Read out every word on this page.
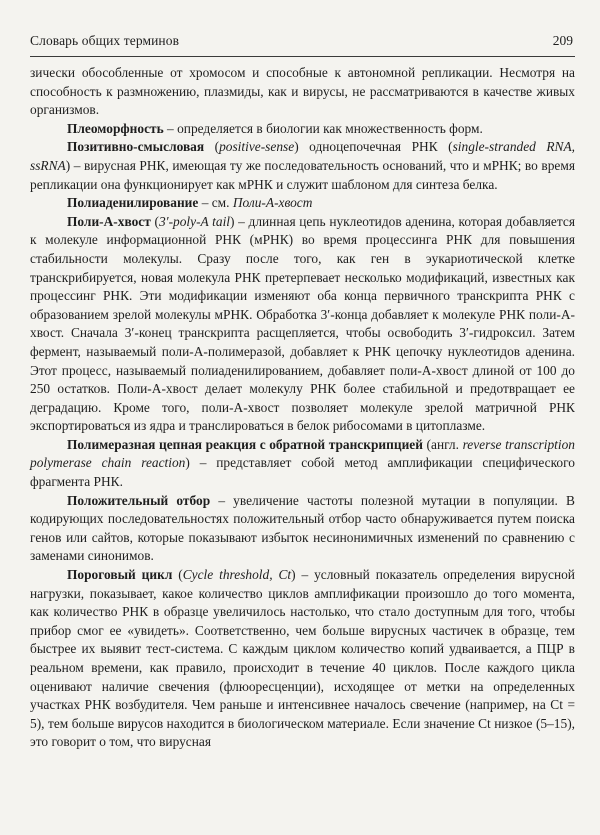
Словарь общих терминов	209

зически обособленные от хромосом и способные к автономной репликации. Несмотря на способность к размножению, плазмиды, как и вирусы, не рассматриваются в качестве живых организмов.

Плеоморфность – определяется в биологии как множественность форм.

Позитивно-смысловая (positive-sense) одноцепочечная РНК (single-stranded RNA, ssRNA) – вирусная РНК, имеющая ту же последовательность оснований, что и мРНК; во время репликации она функционирует как мРНК и служит шаблоном для синтеза белка.

Полиаденилирование – см. Поли-А-хвост

Поли-А-хвост (3′-poly-A tail) – длинная цепь нуклеотидов аденина, которая добавляется к молекуле информационной РНК (мРНК) во время процессинга РНК для повышения стабильности молекулы. Сразу после того, как ген в эукариотической клетке транскрибируется, новая молекула РНК претерпевает несколько модификаций, известных как процессинг РНК. Эти модификации изменяют оба конца первичного транскрипта РНК с образованием зрелой молекулы мРНК. Обработка 3′-конца добавляет к молекуле РНК поли-А-хвост. Сначала 3′-конец транскрипта расщепляется, чтобы освободить 3′-гидроксил. Затем фермент, называемый поли-А-полимеразой, добавляет к РНК цепочку нуклеотидов аденина. Этот процесс, называемый полиаденилированием, добавляет поли-А-хвост длиной от 100 до 250 остатков. Поли-А-хвост делает молекулу РНК более стабильной и предотвращает ее деградацию. Кроме того, поли-А-хвост позволяет молекуле зрелой матричной РНК экспортироваться из ядра и транслироваться в белок рибосомами в цитоплазме.

Полимеразная цепная реакция с обратной транскрипцией (англ. reverse transcription polymerase chain reaction) – представляет собой метод амплификации специфического фрагмента РНК.

Положительный отбор – увеличение частоты полезной мутации в популяции. В кодирующих последовательностях положительный отбор часто обнаруживается путем поиска генов или сайтов, которые показывают избыток несинонимичных изменений по сравнению с заменами синонимов.

Пороговый цикл (Cycle threshold, Ct) – условный показатель определения вирусной нагрузки, показывает, какое количество циклов амплификации произошло до того момента, как количество РНК в образце увеличилось настолько, что стало доступным для того, чтобы прибор смог ее «увидеть». Соответственно, чем больше вирусных частичек в образце, тем быстрее их выявит тест-система. С каждым циклом количество копий удваивается, а ПЦР в реальном времени, как правило, происходит в течение 40 циклов. После каждого цикла оценивают наличие свечения (флюоресценции), исходящее от метки на определенных участках РНК возбудителя. Чем раньше и интенсивнее началось свечение (например, на Ct = 5), тем больше вирусов находится в биологическом материале. Если значение Ct низкое (5–15), это говорит о том, что вирусная
